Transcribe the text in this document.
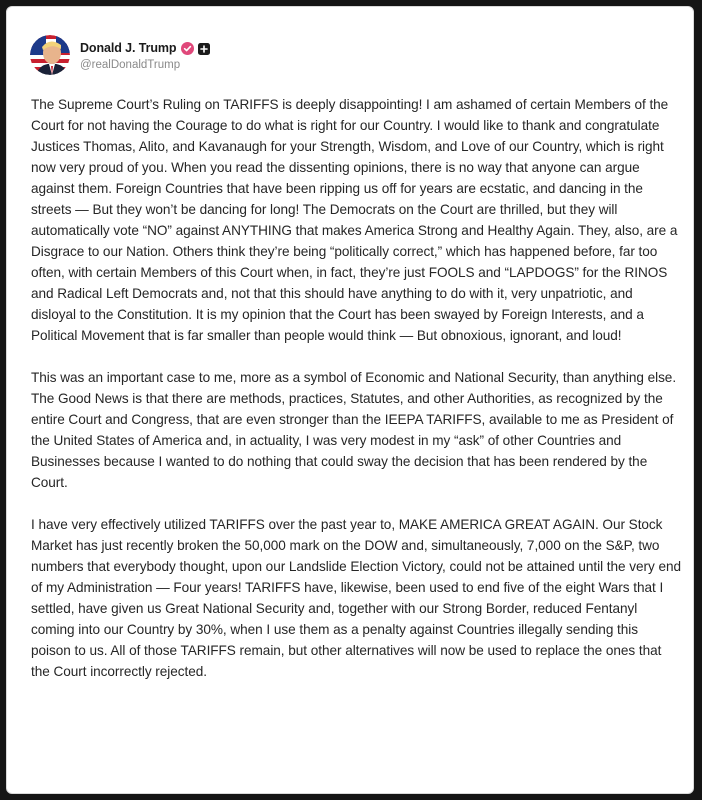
Donald J. Trump
@realDonaldTrump

The Supreme Court’s Ruling on TARIFFS is deeply disappointing! I am ashamed of certain Members of the Court for not having the Courage to do what is right for our Country. I would like to thank and congratulate Justices Thomas, Alito, and Kavanaugh for your Strength, Wisdom, and Love of our Country, which is right now very proud of you. When you read the dissenting opinions, there is no way that anyone can argue against them. Foreign Countries that have been ripping us off for years are ecstatic, and dancing in the streets — But they won’t be dancing for long! The Democrats on the Court are thrilled, but they will automatically vote “NO” against ANYTHING that makes America Strong and Healthy Again. They, also, are a Disgrace to our Nation. Others think they’re being “politically correct,” which has happened before, far too often, with certain Members of this Court when, in fact, they’re just FOOLS and “LAPDOGS” for the RINOS and Radical Left Democrats and, not that this should have anything to do with it, very unpatriotic, and disloyal to the Constitution. It is my opinion that the Court has been swayed by Foreign Interests, and a Political Movement that is far smaller than people would think — But obnoxious, ignorant, and loud!

This was an important case to me, more as a symbol of Economic and National Security, than anything else. The Good News is that there are methods, practices, Statutes, and other Authorities, as recognized by the entire Court and Congress, that are even stronger than the IEEPA TARIFFS, available to me as President of the United States of America and, in actuality, I was very modest in my “ask” of other Countries and Businesses because I wanted to do nothing that could sway the decision that has been rendered by the Court.

I have very effectively utilized TARIFFS over the past year to, MAKE AMERICA GREAT AGAIN. Our Stock Market has just recently broken the 50,000 mark on the DOW and, simultaneously, 7,000 on the S&P, two numbers that everybody thought, upon our Landslide Election Victory, could not be attained until the very end of my Administration — Four years! TARIFFS have, likewise, been used to end five of the eight Wars that I settled, have given us Great National Security and, together with our Strong Border, reduced Fentanyl coming into our Country by 30%, when I use them as a penalty against Countries illegally sending this poison to us. All of those TARIFFS remain, but other alternatives will now be used to replace the ones that the Court incorrectly rejected.
